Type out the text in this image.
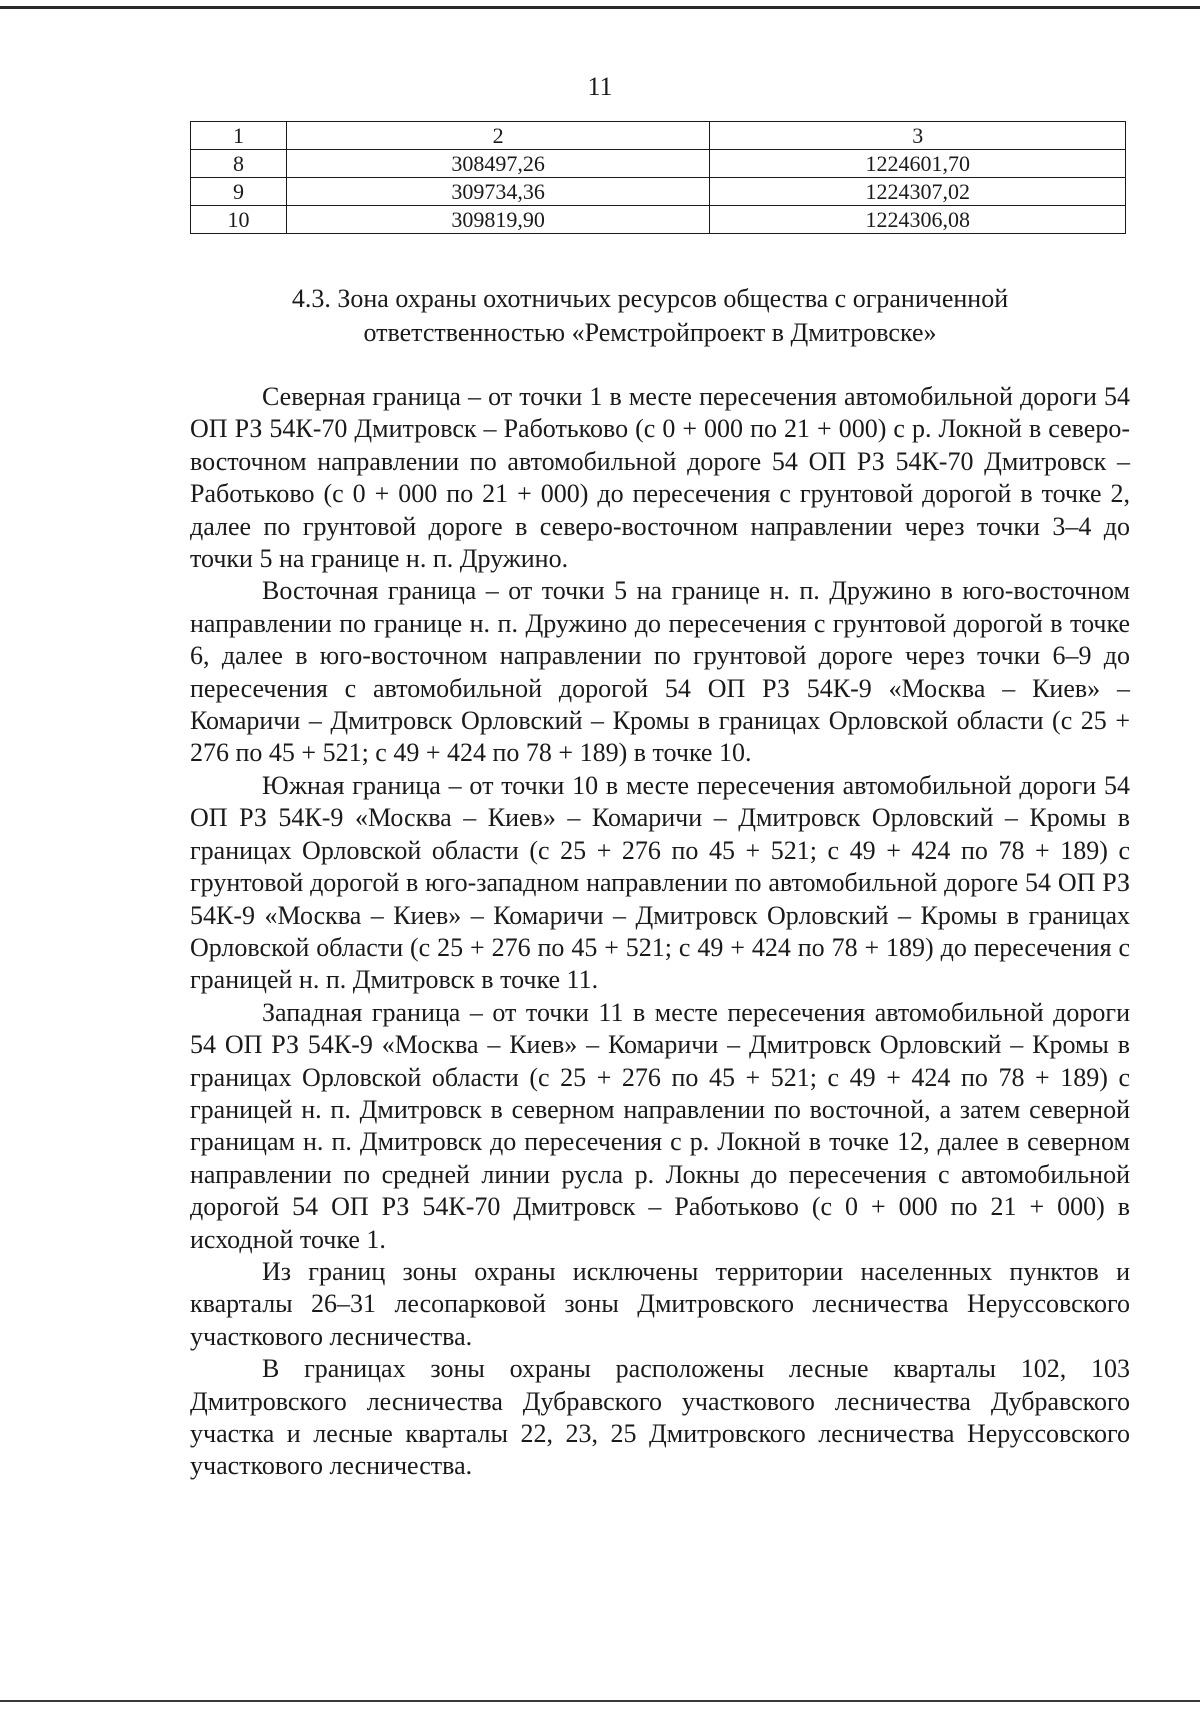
11
1	2	3
8	308497,26	1224601,70
9	309734,36	1224307,02
10	309819,90	1224306,08
4.3. Зона охраны охотничьих ресурсов общества с ограниченной
ответственностью «Ремстройпроект в Дмитровске»

Северная граница – от точки 1 в месте пересечения автомобильной дороги 54 ОП РЗ 54К-70 Дмитровск – Работьково (с 0 + 000 по 21 + 000) с р. Локной в северо-восточном направлении по автомобильной дороге 54 ОП РЗ 54К-70 Дмитровск – Работьково (с 0 + 000 по 21 + 000) до пересечения с грунтовой дорогой в точке 2, далее по грунтовой дороге в северо-восточном направлении через точки 3–4 до точки 5 на границе н. п. Дружино.

Восточная граница – от точки 5 на границе н. п. Дружино в юго-восточном направлении по границе н. п. Дружино до пересечения с грунтовой дорогой в точке 6, далее в юго-восточном направлении по грунтовой дороге через точки 6–9 до пересечения с автомобильной дорогой 54 ОП РЗ 54К-9 «Москва – Киев» – Комаричи – Дмитровск Орловский – Кромы в границах Орловской области (с 25 + 276 по 45 + 521; с 49 + 424 по 78 + 189) в точке 10.

Южная граница – от точки 10 в месте пересечения автомобильной дороги 54 ОП РЗ 54К-9 «Москва – Киев» – Комаричи – Дмитровск Орловский – Кромы в границах Орловской области (с 25 + 276 по 45 + 521; с 49 + 424 по 78 + 189) с грунтовой дорогой в юго-западном направлении по автомобильной дороге 54 ОП РЗ 54К-9 «Москва – Киев» – Комаричи – Дмитровск Орловский – Кромы в границах Орловской области (с 25 + 276 по 45 + 521; с 49 + 424 по 78 + 189) до пересечения с границей н. п. Дмитровск в точке 11.

Западная граница – от точки 11 в месте пересечения автомобильной дороги 54 ОП РЗ 54К-9 «Москва – Киев» – Комаричи – Дмитровск Орловский – Кромы в границах Орловской области (с 25 + 276 по 45 + 521; с 49 + 424 по 78 + 189) с границей н. п. Дмитровск в северном направлении по восточной, а затем северной границам н. п. Дмитровск до пересечения с р. Локной в точке 12, далее в северном направлении по средней линии русла р. Локны до пересечения с автомобильной дорогой 54 ОП РЗ 54К-70 Дмитровск – Работьково (с 0 + 000 по 21 + 000) в исходной точке 1.

Из границ зоны охраны исключены территории населенных пунктов и кварталы 26–31 лесопарковой зоны Дмитровского лесничества Неруссовского участкового лесничества.

В границах зоны охраны расположены лесные кварталы 102, 103 Дмитровского лесничества Дубравского участкового лесничества Дубравского участка и лесные кварталы 22, 23, 25 Дмитровского лесничества Неруссовского участкового лесничества.
